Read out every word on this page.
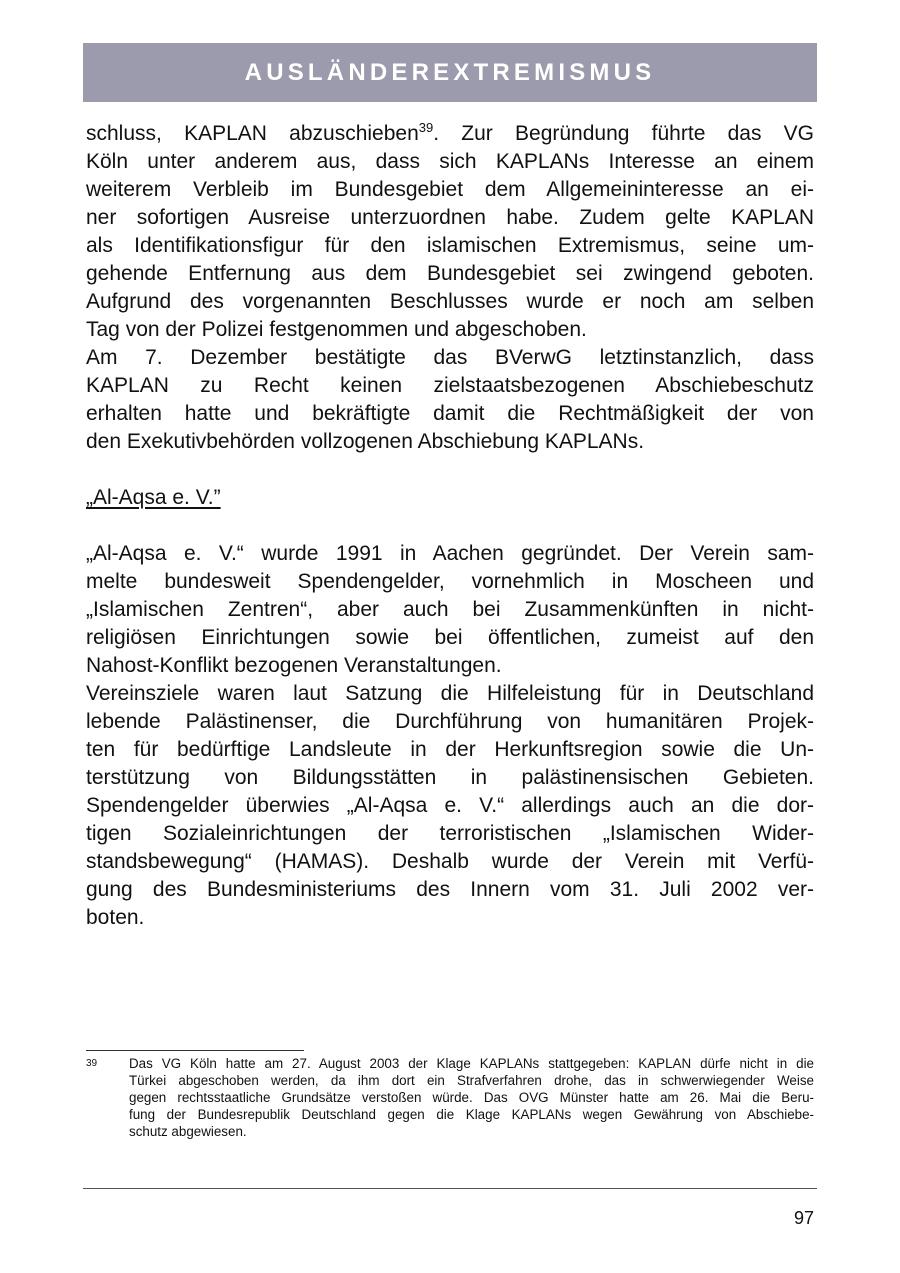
AUSLÄNDEREXTREMISMUS
schluss, KAPLAN abzuschieben$^{39}$. Zur Begründung führte das VG
Köln unter anderem aus, dass sich KAPLANs Interesse an einem
weiterem Verbleib im Bundesgebiet dem Allgemeininteresse an ei-
ner sofortigen Ausreise unterzuordnen habe. Zudem gelte KAPLAN
als Identifikationsfigur für den islamischen Extremismus, seine um-
gehende Entfernung aus dem Bundesgebiet sei zwingend geboten.
Aufgrund des vorgenannten Beschlusses wurde er noch am selben
Tag von der Polizei festgenommen und abgeschoben.
Am 7. Dezember bestätigte das BVerwG letztinstanzlich, dass
KAPLAN zu Recht keinen zielstaatsbezogenen Abschiebeschutz
erhalten hatte und bekräftigte damit die Rechtmäßigkeit der von
den Exekutivbehörden vollzogenen Abschiebung KAPLANs.
„Al-Aqsa e. V.”
„Al-Aqsa e. V.“ wurde 1991 in Aachen gegründet. Der Verein sam-
melte bundesweit Spendengelder, vornehmlich in Moscheen und
„Islamischen Zentren“, aber auch bei Zusammenkünften in nicht-
religiösen Einrichtungen sowie bei öffentlichen, zumeist auf den
Nahost-Konflikt bezogenen Veranstaltungen.
Vereinsziele waren laut Satzung die Hilfeleistung für in Deutschland
lebende Palästinenser, die Durchführung von humanitären Projek-
ten für bedürftige Landsleute in der Herkunftsregion sowie die Un-
terstützung von Bildungsstätten in palästinensischen Gebieten.
Spendengelder überwies „Al-Aqsa e. V.“ allerdings auch an die dor-
tigen Sozialeinrichtungen der terroristischen „Islamischen Wider-
standsbewegung“ (HAMAS). Deshalb wurde der Verein mit Verfü-
gung des Bundesministeriums des Innern vom 31. Juli 2002 ver-
boten.
39 Das VG Köln hatte am 27. August 2003 der Klage KAPLANs stattgegeben: KAPLAN dürfe nicht in die
Türkei abgeschoben werden, da ihm dort ein Strafverfahren drohe, das in schwerwiegender Weise
gegen rechtsstaatliche Grundsätze verstoßen würde. Das OVG Münster hatte am 26. Mai die Beru-
fung der Bundesrepublik Deutschland gegen die Klage KAPLANs wegen Gewährung von Abschiebe-
schutz abgewiesen.
97
